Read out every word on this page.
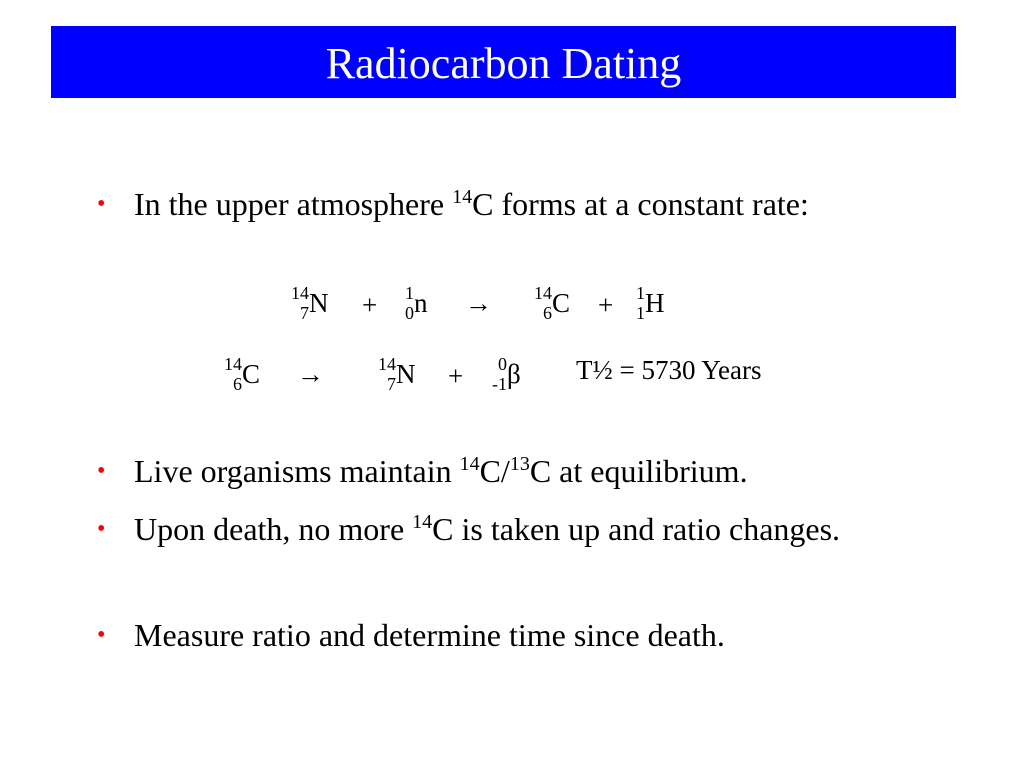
Radiocarbon Dating
• In the upper atmosphere $^{14}$C forms at a constant rate:
14
7 N + 1
0 n → 14
6 C + 1
1 H
14
6 C →	14
7 N + 0
-1 β T½ = 5730 Years
• Live organisms maintain $^{14}$C/$^{13}$C at equilibrium.
• Upon death, no more $^{14}$C is taken up and ratio changes.
• Measure ratio and determine time since death.
